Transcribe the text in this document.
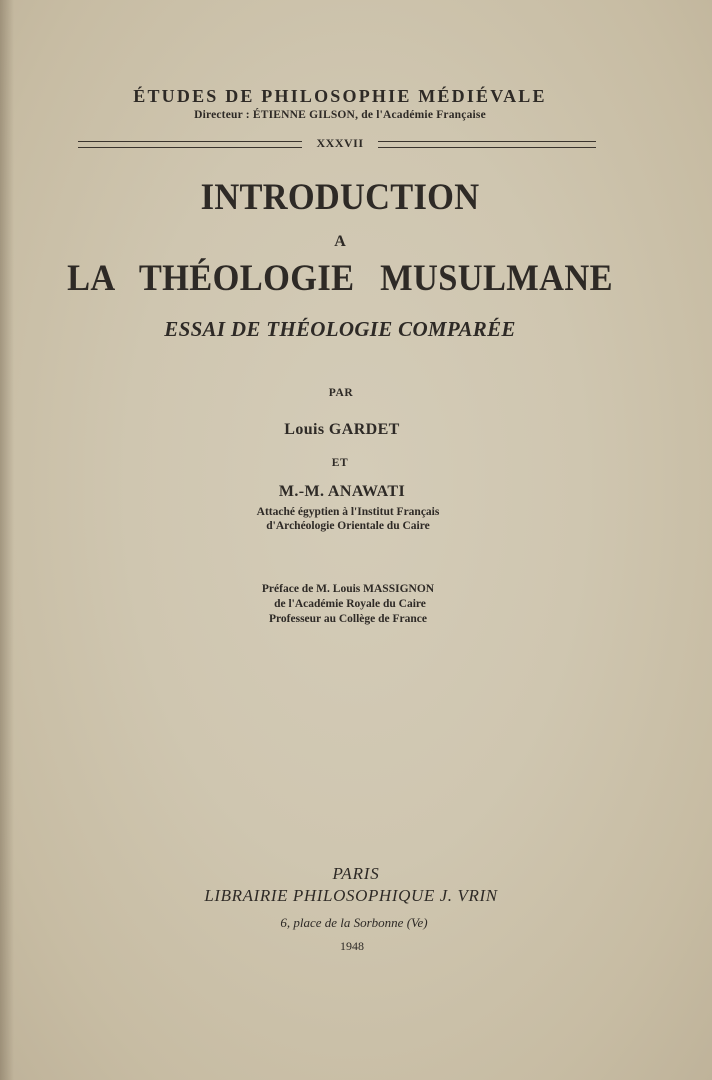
ÉTUDES DE PHILOSOPHIE MÉDIÉVALE
Directeur : ÉTIENNE GILSON, de l'Académie Française
XXXVII
INTRODUCTION
A
LA THÉOLOGIE MUSULMANE
ESSAI DE THÉOLOGIE COMPARÉE
PAR
Louis GARDET
ET
M.-M. ANAWATI
Attaché égyptien à l'Institut Français
d'Archéologie Orientale du Caire
Préface de M. Louis MASSIGNON
de l'Académie Royale du Caire
Professeur au Collège de France
PARIS
LIBRAIRIE PHILOSOPHIQUE J. VRIN
6, place de la Sorbonne (Ve)
1948
